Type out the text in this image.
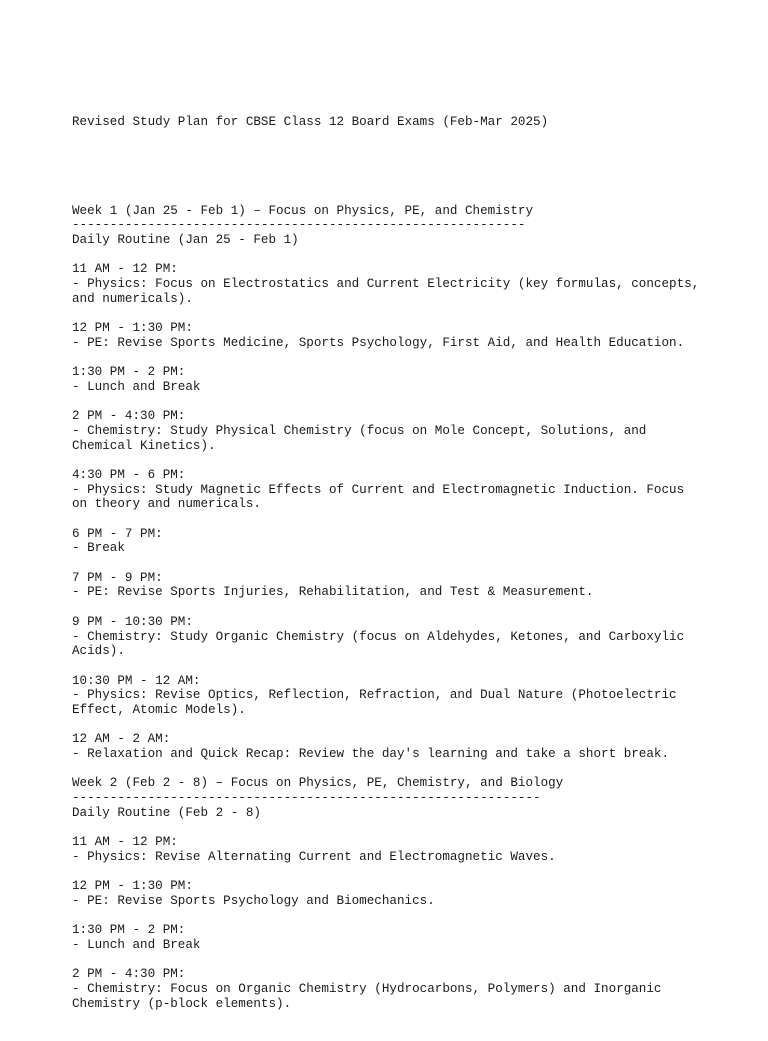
Revised Study Plan for CBSE Class 12 Board Exams (Feb-Mar 2025)

Week 1 (Jan 25 - Feb 1) – Focus on Physics, PE, and Chemistry
------------------------------------------------------------
Daily Routine (Jan 25 - Feb 1)
11 AM - 12 PM:
- Physics: Focus on Electrostatics and Current Electricity (key formulas, concepts,
and numericals).
12 PM - 1:30 PM:
- PE: Revise Sports Medicine, Sports Psychology, First Aid, and Health Education.
1:30 PM - 2 PM:
- Lunch and Break
2 PM - 4:30 PM:
- Chemistry: Study Physical Chemistry (focus on Mole Concept, Solutions, and
Chemical Kinetics).
4:30 PM - 6 PM:
- Physics: Study Magnetic Effects of Current and Electromagnetic Induction. Focus
on theory and numericals.
6 PM - 7 PM:
- Break
7 PM - 9 PM:
- PE: Revise Sports Injuries, Rehabilitation, and Test & Measurement.
9 PM - 10:30 PM:
- Chemistry: Study Organic Chemistry (focus on Aldehydes, Ketones, and Carboxylic
Acids).
10:30 PM - 12 AM:
- Physics: Revise Optics, Reflection, Refraction, and Dual Nature (Photoelectric
Effect, Atomic Models).
12 AM - 2 AM:
- Relaxation and Quick Recap: Review the day's learning and take a short break.
Week 2 (Feb 2 - 8) – Focus on Physics, PE, Chemistry, and Biology
--------------------------------------------------------------
Daily Routine (Feb 2 - 8)
11 AM - 12 PM:
- Physics: Revise Alternating Current and Electromagnetic Waves.
12 PM - 1:30 PM:
- PE: Revise Sports Psychology and Biomechanics.
1:30 PM - 2 PM:
- Lunch and Break
2 PM - 4:30 PM:
- Chemistry: Focus on Organic Chemistry (Hydrocarbons, Polymers) and Inorganic
Chemistry (p-block elements).
